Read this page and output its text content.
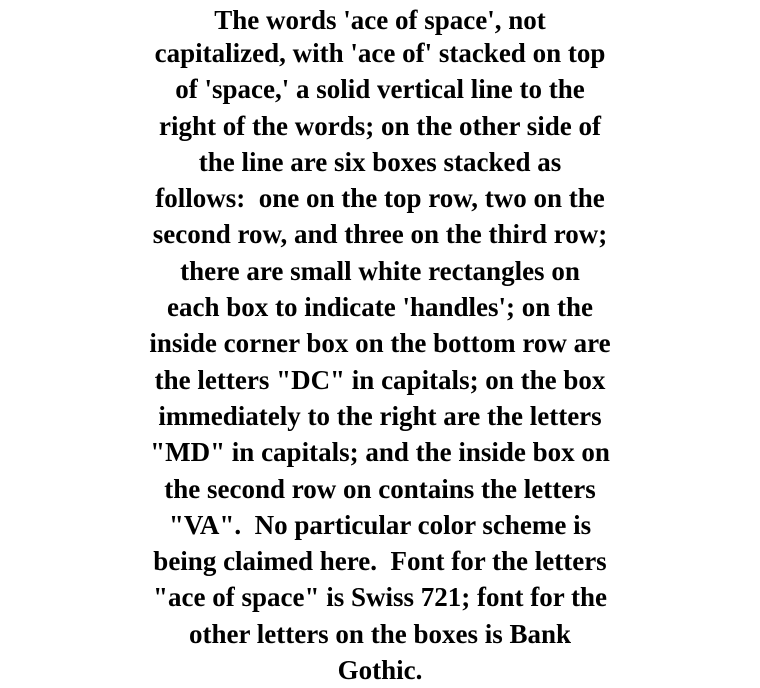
The words 'ace of space', not
capitalized, with 'ace of' stacked on top
of 'space,' a solid vertical line to the
right of the words; on the other side of
the line are six boxes stacked as
follows:  one on the top row, two on the
second row, and three on the third row;
there are small white rectangles on
each box to indicate 'handles'; on the
inside corner box on the bottom row are
the letters "DC" in capitals; on the box
immediately to the right are the letters
"MD" in capitals; and the inside box on
the second row on contains the letters
"VA".  No particular color scheme is
being claimed here.  Font for the letters
"ace of space" is Swiss 721; font for the
other letters on the boxes is Bank
Gothic.
